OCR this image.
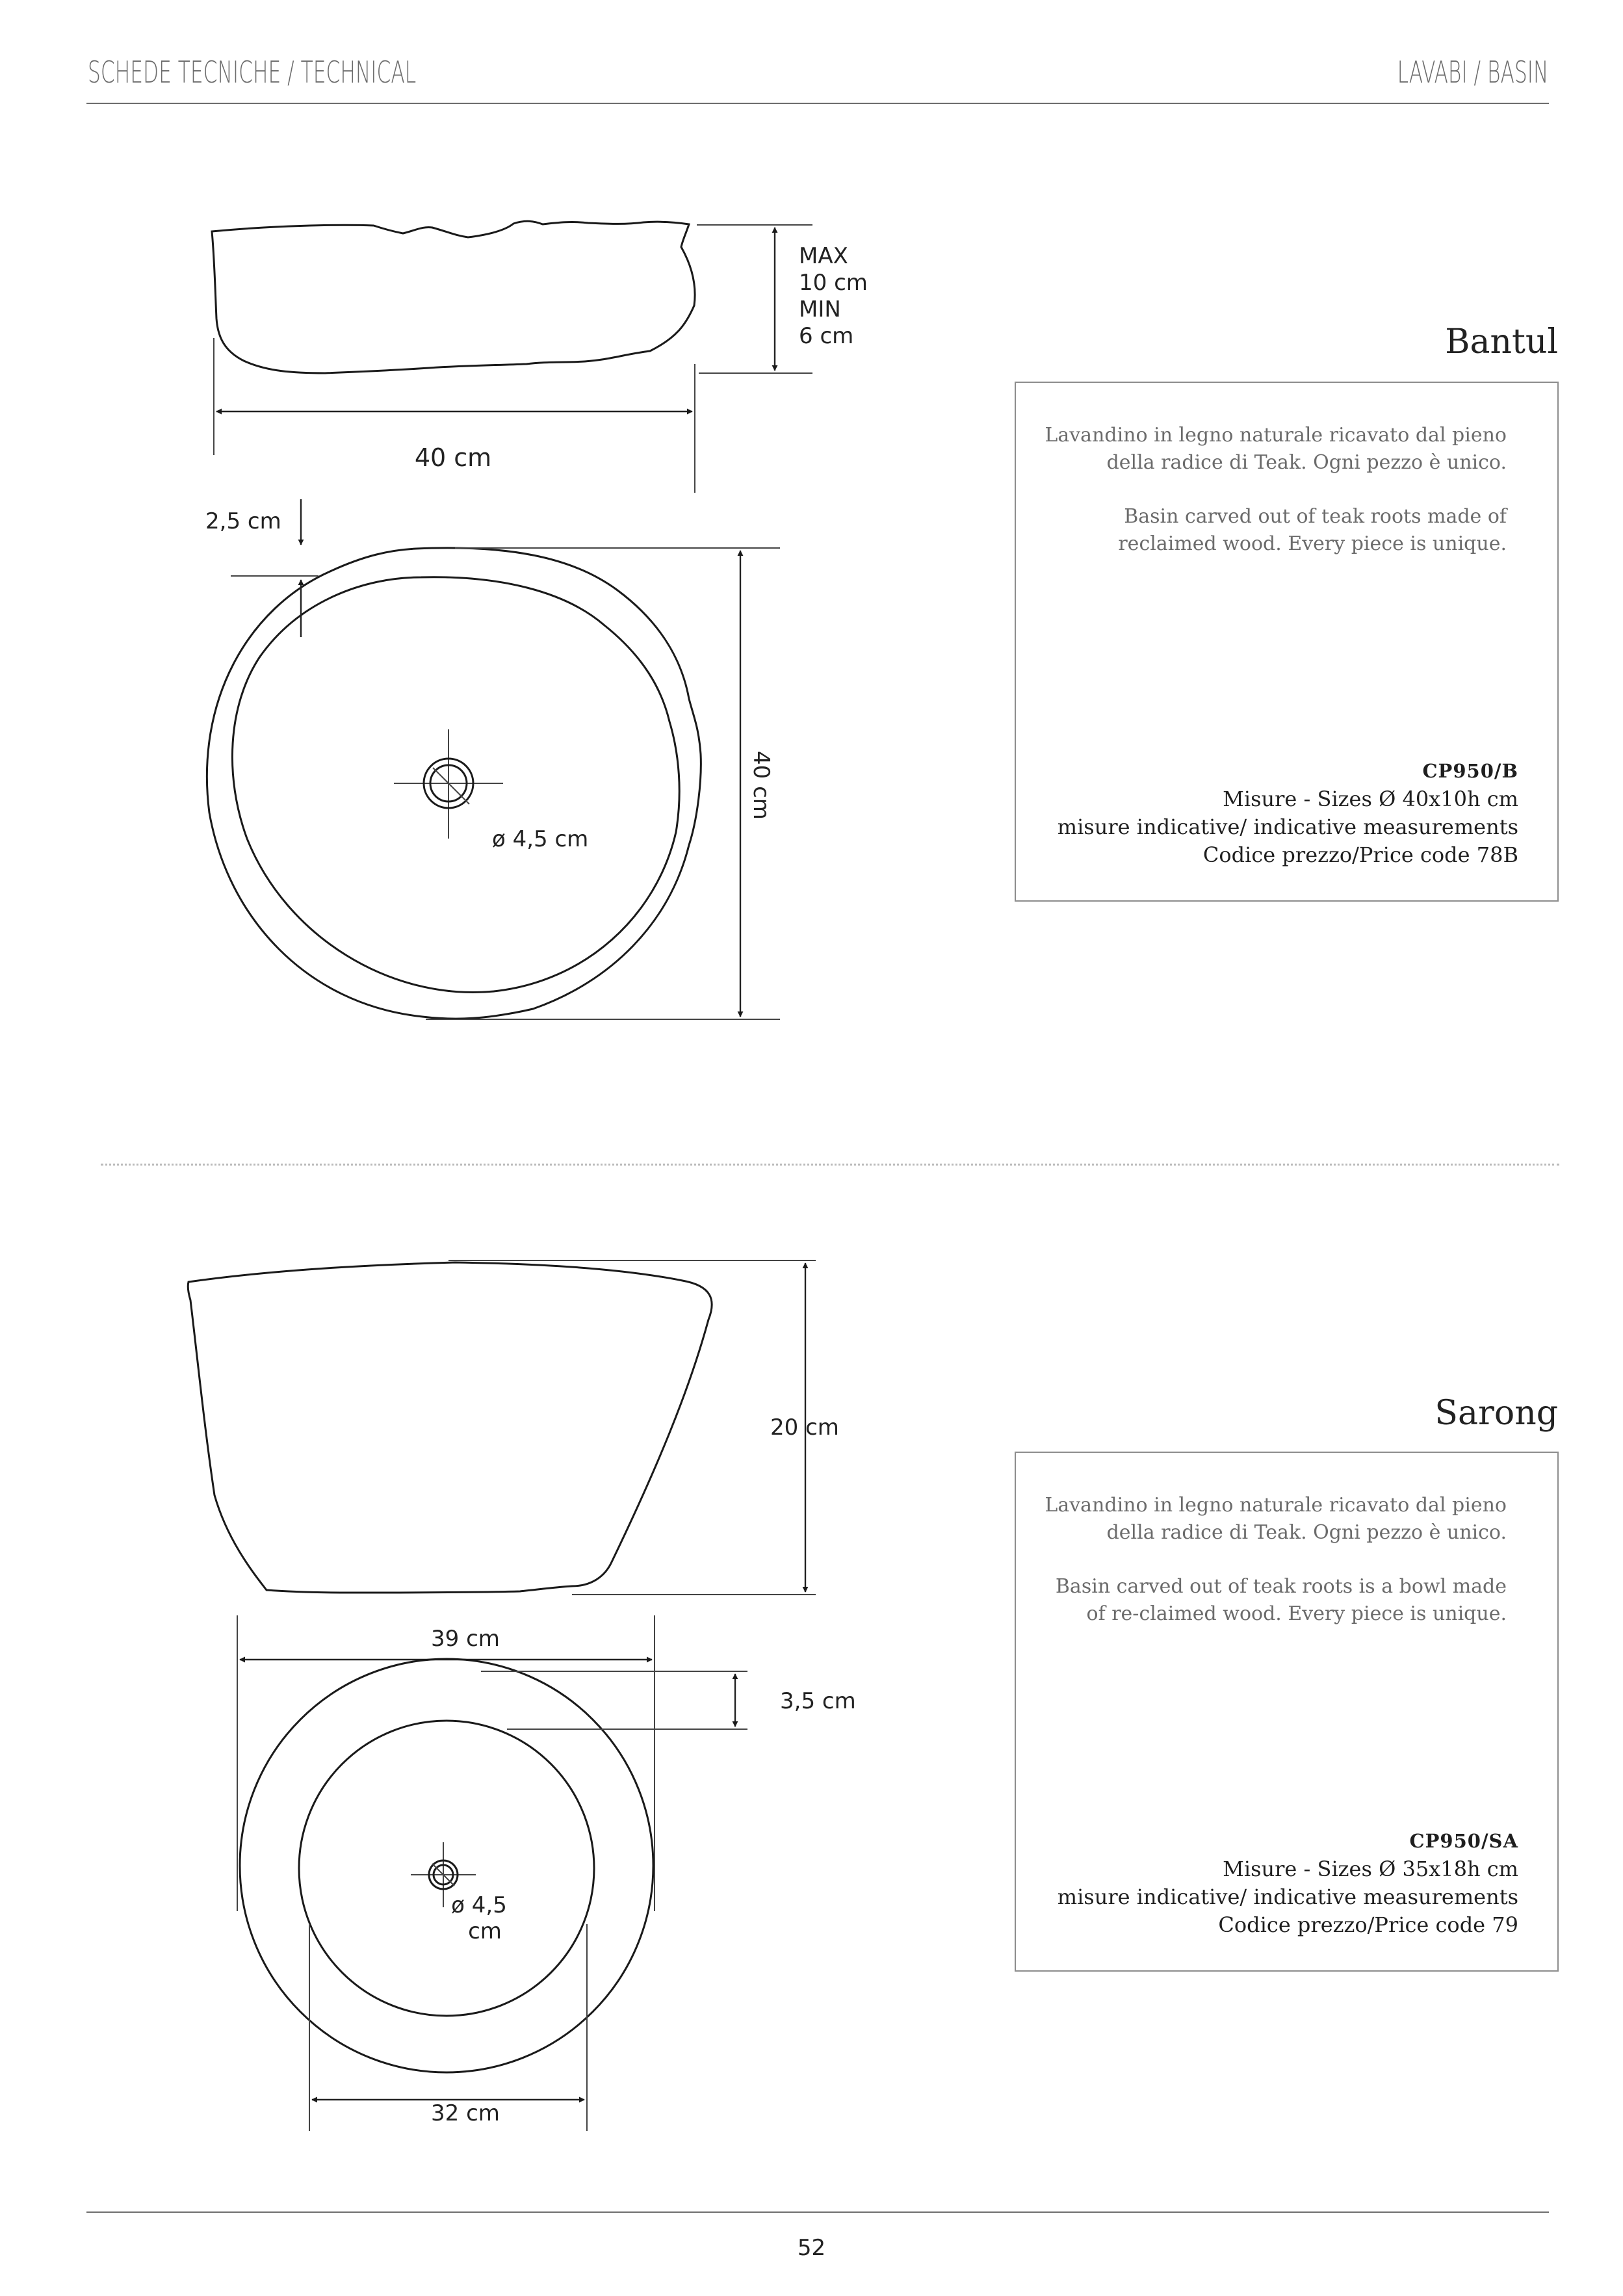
SCHEDE TECNICHE / TECHNICAL	LAVABI / BASIN
MAX
10 cm
MIN
6 cm
40 cm
2,5 cm
40 cm
ø 4,5 cm
20 cm
39 cm
3,5 cm
ø 4,5
cm
32 cm
Bantul
Lavandino in legno naturale ricavato dal pieno della radice di Teak. Ogni pezzo è unico.
Basin carved out of teak roots made of reclaimed wood. Every piece is unique.
CP950/B
Misure - Sizes Ø 40x10h cm
misure indicative/ indicative measurements
Codice prezzo/Price code 78B
Sarong
Lavandino in legno naturale ricavato dal pieno della radice di Teak. Ogni pezzo è unico.
Basin carved out of teak roots is a bowl made of re-claimed wood. Every piece is unique.
CP950/SA
Misure - Sizes Ø 35x18h cm
misure indicative/ indicative measurements
Codice prezzo/Price code 79
52
